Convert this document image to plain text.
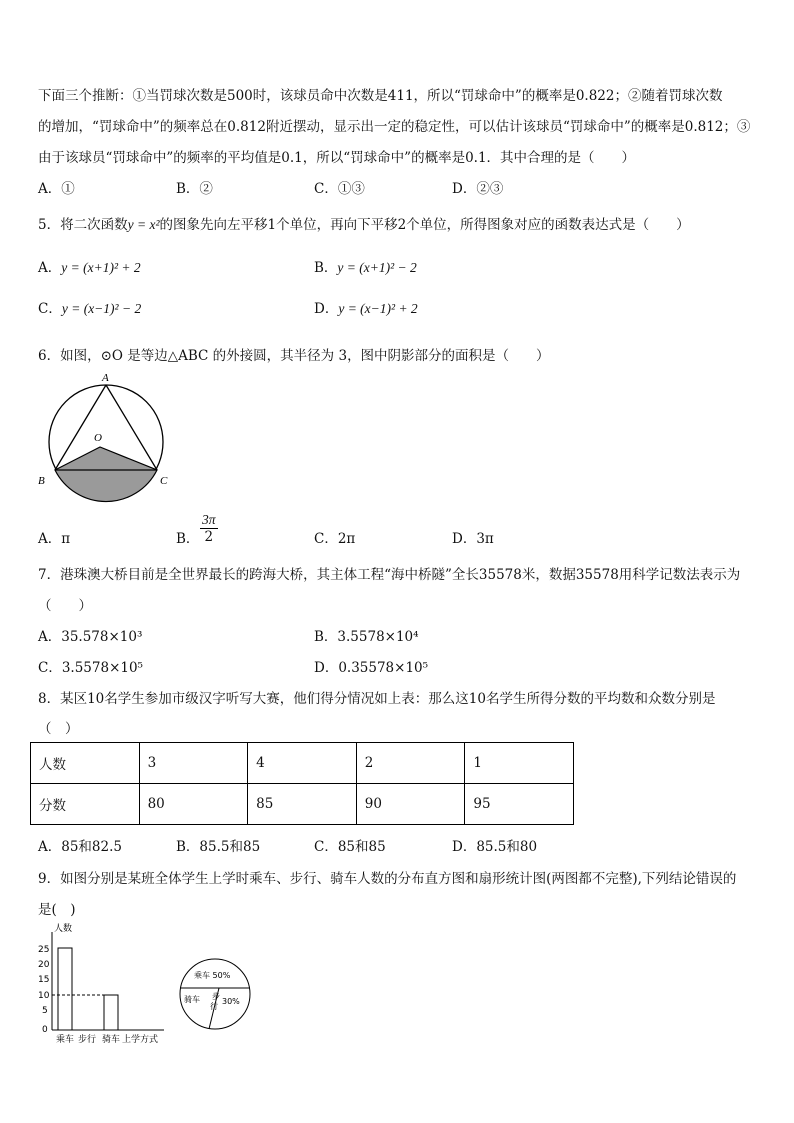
下面三个推断：①当罚球次数是500时，该球员命中次数是411，所以“罚球命中”的概率是0.822；②随着罚球次数
的增加，“罚球命中”的频率总在0.812附近摆动，显示出一定的稳定性，可以估计该球员“罚球命中”的概率是0.812；③
由于该球员“罚球命中”的频率的平均值是0.1，所以“罚球命中”的概率是0.1．其中合理的是（　　）
A．①	B．②	C．①③	D．②③
5．将二次函数y = x²的图象先向左平移1个单位，再向下平移2个单位，所得图象对应的函数表达式是（　　）
A．y = (x+1)² + 2	B．y = (x+1)² − 2
C．y = (x−1)² − 2	D．y = (x−1)² + 2
6．如图，⊙O 是等边△ABC 的外接圆，其半径为 3，图中阴影部分的面积是（　　）
A
O
B	C
A．π	B． $\frac{3\pi}{2}$	C．2π	D．3π
7．港珠澳大桥目前是全世界最长的跨海大桥，其主体工程“海中桥隧”全长35578米，数据35578用科学记数法表示为
（　　）
A．35.578×10³	B．3.5578×10⁴
C．3.5578×10⁵	D．0.35578×10⁵
8．某区10名学生参加市级汉字听写大赛，他们得分情况如上表：那么这10名学生所得分数的平均数和众数分别是
（　）
人数	3	4	2	1
分数	80	85	90	95
A．85和82.5	B．85.5和85	C．85和85	D．85.5和80
9．如图分别是某班全体学生上学时乘车、步行、骑车人数的分布直方图和扇形统计图(两图都不完整),下列结论错误的
是(　)
人数
25
20
15
10
5
0
乘车 步行 骑车 上学方式
乘车 50%
骑车 步
行
30%
